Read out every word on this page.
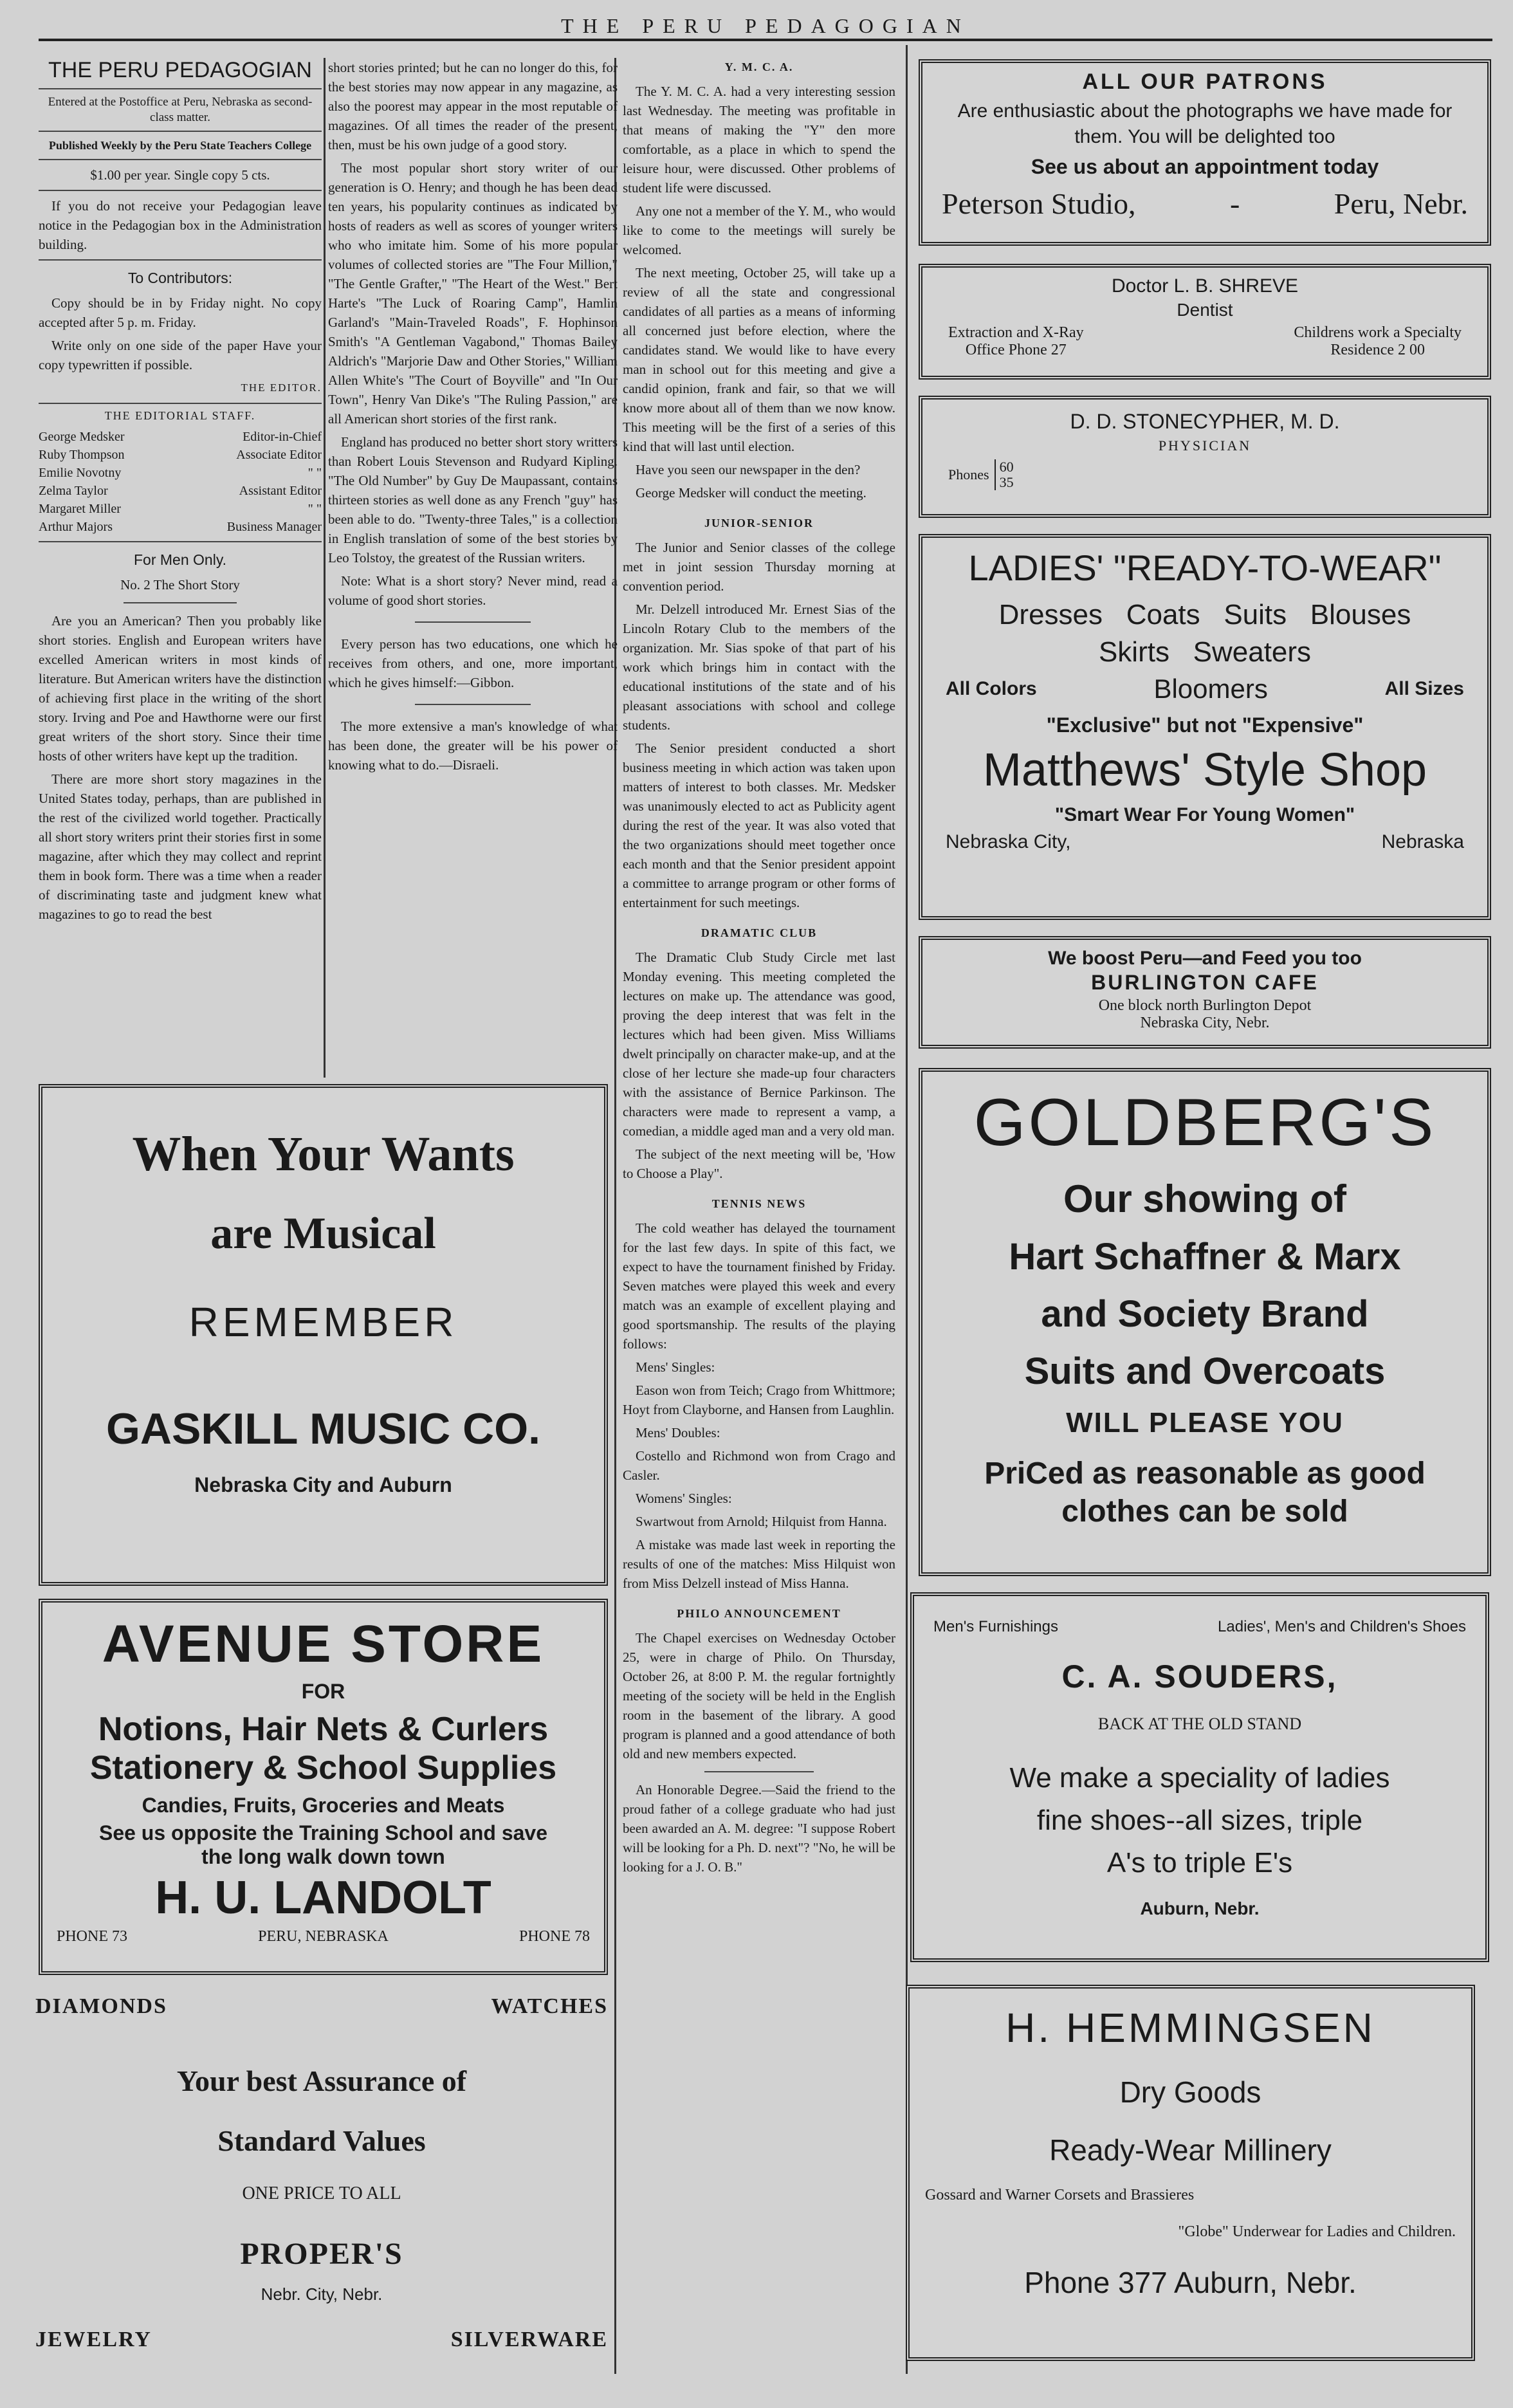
THE PERU PEDAGOGIAN
THE PERU PEDAGOGIAN

Entered at the Postoffice at Peru, Nebraska as second-class matter.

Published Weekly by the Peru State Teachers College

$1.00 per year. Single copy 5 cts.

If you do not receive your Pedagogian leave notice in the Pedagogian box in the Administration building.

To Contributors:

Copy should be in by Friday night. No copy accepted after 5 p. m. Friday.

Write only on one side of the paper Have your copy typewritten if possible.

THE EDITOR.

THE EDITORIAL STAFF.
George Medsker	Editor-in-Chief
Ruby Thompson	Associate Editor
Emilie Novotny	" "
Zelma Taylor	Assistant Editor
Margaret Miller	" "
Arthur Majors	Business Manager
For Men Only.

No. 2 The Short Story

Are you an American? Then you probably like short stories. English and European writers have excelled American writers in most kinds of literature. But American writers have the distinction of achieving first place in the writing of the short story. Irving and Poe and Hawthorne were our first great writers of the short story. Since their time hosts of other writers have kept up the tradition.

There are more short story magazines in the United States today, perhaps, than are published in the rest of the civilized world together. Practically all short story writers print their stories first in some magazine, after which they may collect and reprint them in book form. There was a time when a reader of discriminating taste and judgment knew what magazines to go to read the best

short stories printed; but he can no longer do this, for the best stories may now appear in any magazine, as also the poorest may appear in the most reputable of magazines. Of all times the reader of the present, then, must be his own judge of a good story.

The most popular short story writer of our generation is O. Henry; and though he has been dead ten years, his popularity continues as indicated by hosts of readers as well as scores of younger writers who who imitate him. Some of his more popular volumes of collected stories are "The Four Million," "The Gentle Grafter," "The Heart of the West." Bert Harte's "The Luck of Roaring Camp", Hamlin Garland's "Main-Traveled Roads", F. Hophinson Smith's "A Gentleman Vagabond," Thomas Bailey Aldrich's "Marjorie Daw and Other Stories," William Allen White's "The Court of Boyville" and "In Our Town", Henry Van Dike's "The Ruling Passion," are all American short stories of the first rank.

England has produced no better short story writters than Robert Louis Stevenson and Rudyard Kipling. "The Old Number" by Guy De Maupassant, contains thirteen stories as well done as any French "guy" has been able to do. "Twenty-three Tales," is a collection in English translation of some of the best stories by Leo Tolstoy, the greatest of the Russian writers.

Note: What is a short story? Never mind, read a volume of good short stories.

Every person has two educations, one which he receives from others, and one, more important, which he gives himself:—Gibbon.

The more extensive a man's knowledge of what has been done, the greater will be his power of knowing what to do.—Disraeli.

Y. M. C. A.

The Y. M. C. A. had a very interesting session last Wednesday. The meeting was profitable in that means of making the "Y" den more comfortable, as a place in which to spend the leisure hour, were discussed. Other problems of student life were discussed.

Any one not a member of the Y. M., who would like to come to the meetings will surely be welcomed.

The next meeting, October 25, will take up a review of all the state and congressional candidates of all parties as a means of informing all concerned just before election, where the candidates stand. We would like to have every man in school out for this meeting and give a candid opinion, frank and fair, so that we will know more about all of them than we now know. This meeting will be the first of a series of this kind that will last until election.

Have you seen our newspaper in the den?

George Medsker will conduct the meeting.

JUNIOR-SENIOR

The Junior and Senior classes of the college met in joint session Thursday morning at convention period.

Mr. Delzell introduced Mr. Ernest Sias of the Lincoln Rotary Club to the members of the organization. Mr. Sias spoke of that part of his work which brings him in contact with the educational institutions of the state and of his pleasant associations with school and college students.

The Senior president conducted a short business meeting in which action was taken upon matters of interest to both classes. Mr. Medsker was unanimously elected to act as Publicity agent during the rest of the year. It was also voted that the two organizations should meet together once each month and that the Senior president appoint a committee to arrange program or other forms of entertainment for such meetings.

DRAMATIC CLUB

The Dramatic Club Study Circle met last Monday evening. This meeting completed the lectures on make up. The attendance was good, proving the deep interest that was felt in the lectures which had been given. Miss Williams dwelt principally on character make-up, and at the close of her lecture she made-up four characters with the assistance of Bernice Parkinson. The characters were made to represent a vamp, a comedian, a middle aged man and a very old man.

The subject of the next meeting will be, 'How to Choose a Play".

TENNIS NEWS

The cold weather has delayed the tournament for the last few days. In spite of this fact, we expect to have the tournament finished by Friday. Seven matches were played this week and every match was an example of excellent playing and good sportsmanship. The results of the playing follows:

Mens' Singles:

Eason won from Teich; Crago from Whittmore; Hoyt from Clayborne, and Hansen from Laughlin.

Mens' Doubles:

Costello and Richmond won from Crago and Casler.

Womens' Singles:

Swartwout from Arnold; Hilquist from Hanna.

A mistake was made last week in reporting the results of one of the matches: Miss Hilquist won from Miss Delzell instead of Miss Hanna.

PHILO ANNOUNCEMENT

The Chapel exercises on Wednesday October 25, were in charge of Philo. On Thursday, October 26, at 8:00 P. M. the regular fortnightly meeting of the society will be held in the English room in the basement of the library. A good program is planned and a good attendance of both old and new members expected.

An Honorable Degree.—Said the friend to the proud father of a college graduate who had just been awarded an A. M. degree: "I suppose Robert will be looking for a Ph. D. next"? "No, he will be looking for a J. O. B."

When Your Wants
are Musical
REMEMBER
GASKILL MUSIC CO.
Nebraska City and Auburn
AVENUE STORE
FOR
Notions, Hair Nets & Curlers
Stationery & School Supplies
Candies, Fruits, Groceries and Meats
See us opposite the Training School and save
the long walk down town
H. U. LANDOLT
PHONE 73	PERU, NEBRASKA	PHONE 78
DIAMONDS	WATCHES
Your best Assurance of
Standard Values
ONE PRICE TO ALL
PROPER'S
Nebr. City, Nebr.
JEWELRY	SILVERWARE
ALL OUR PATRONS
Are enthusiastic about the photographs we have made for them. You will be delighted too
See us about an appointment today
Peterson Studio,	-	Peru, Nebr.
Doctor L. B. SHREVE
Dentist
Extraction and X-Ray
Office Phone 27
Childrens work a Specialty
Residence 2 00
D. D. STONECYPHER, M. D.
PHYSICIAN
Phones 60
35
LADIES' "READY-TO-WEAR"
Dresses   Coats   Suits   Blouses
Skirts   Sweaters
All Colors	Bloomers	All Sizes
"Exclusive" but not "Expensive"
Matthews' Style Shop
"Smart Wear For Young Women"
Nebraska City,	Nebraska
We boost Peru—and Feed you too
BURLINGTON CAFE
One block north Burlington Depot
Nebraska City, Nebr.
GOLDBERG'S
Our showing of
Hart Schaffner & Marx
and Society Brand
Suits and Overcoats
WILL PLEASE YOU
PriCed as reasonable as good
clothes can be sold
Men's Furnishings	Ladies', Men's and Children's Shoes
C. A. SOUDERS,
BACK AT THE OLD STAND
We make a speciality of ladies
fine shoes--all sizes, triple
A's to triple E's
Auburn, Nebr.
H. HEMMINGSEN
Dry Goods
Ready-Wear Millinery
Gossard and Warner Corsets and Brassieres
"Globe" Underwear for Ladies and Children.
Phone 377 Auburn, Nebr.
